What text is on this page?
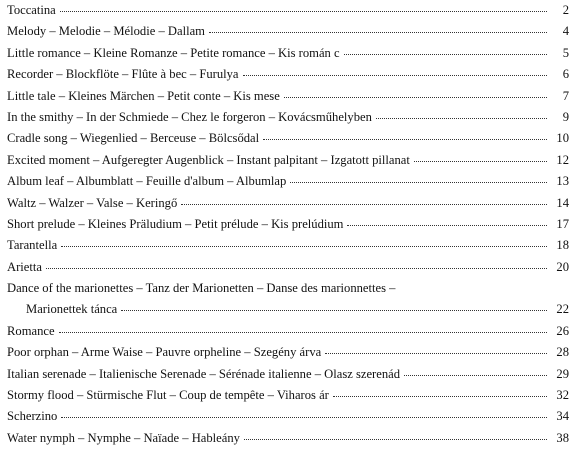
Toccatina	2
Melody – Melodie – Mélodie – Dallam	4
Little romance – Kleine Romanze – Petite romance – Kis román c	5
Recorder – Blockflöte – Flûte à bec – Furulya	6
Little tale – Kleines Märchen – Petit conte – Kis mese	7
In the smithy – In der Schmiede – Chez le forgeron – Kovácsműhelyben	9
Cradle song – Wiegenlied – Berceuse – Bölcsődal	10
Excited moment – Aufgeregter Augenblick – Instant palpitant – Izgatott pillanat	12
Album leaf – Albumblatt – Feuille d'album – Albumlap	13
Waltz – Walzer – Valse – Keringő	14
Short prelude – Kleines Präludium – Petit prélude – Kis prelúdium	17
Tarantella	18
Arietta	20
Dance of the marionettes – Tanz der Marionetten – Danse des marionnettes –
Marionettek tánca	22
Romance	26
Poor orphan – Arme Waise – Pauvre orpheline – Szegény árva	28
Italian serenade – Italienische Serenade – Sérénade italienne – Olasz szerenád	29
Stormy flood – Stürmische Flut – Coup de tempête – Viharos ár	32
Scherzino	34
Water nymph – Nymphe – Naïade – Hableány	38
